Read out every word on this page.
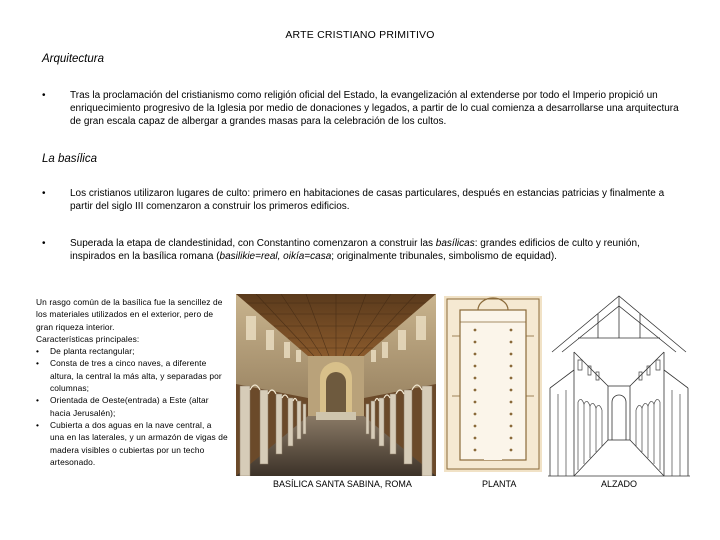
ARTE CRISTIANO PRIMITIVO
Arquitectura
• Tras la proclamación del cristianismo como religión oficial del Estado, la evangelización al extenderse por todo el Imperio propició un enriquecimiento progresivo de la Iglesia por medio de donaciones y legados, a partir de lo cual comienza a desarrollarse una arquitectura de gran escala capaz de albergar a grandes masas para la celebración de los cultos.
La basílica
• Los cristianos utilizaron lugares de culto: primero en habitaciones de casas particulares, después en estancias patricias y finalmente a partir del siglo III comenzaron a construir los primeros edificios.
• Superada la etapa de clandestinidad, con Constantino comenzaron a construir las basílicas: grandes edificios de culto y reunión, inspirados en la basílica romana (basilikie=real, oikía=casa; originalmente tribunales, simbolismo de equidad).
Un rasgo común de la basílica fue la sencillez de los materiales utilizados en el exterior, pero de gran riqueza interior.
Características principales:
• De planta rectangular;
• Consta de tres a cinco naves, a diferente altura, la central la más alta, y separadas por columnas;
• Orientada de Oeste(entrada) a Este (altar hacia Jerusalén);
• Cubierta a dos aguas en la nave central, a una en las laterales, y un armazón de vigas de madera visibles o cubiertas por un techo artesonado.
BASÍLICA SANTA SABINA, ROMA	PLANTA	ALZADO
